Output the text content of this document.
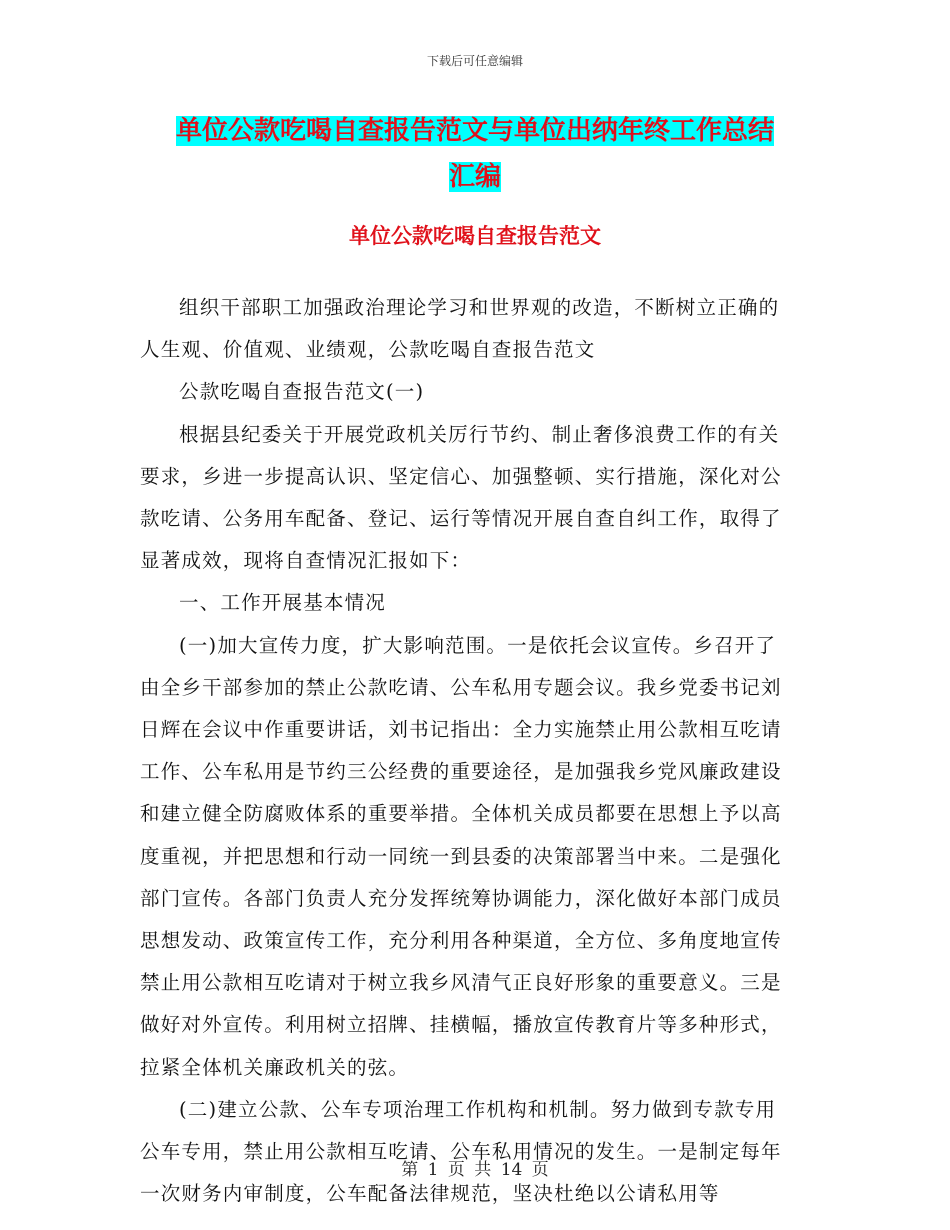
下载后可任意编辑
单位公款吃喝自查报告范文与单位出纳年终工作总结
汇编
单位公款吃喝自查报告范文

组织干部职工加强政治理论学习和世界观的改造，不断树立正确的人生观、价值观、业绩观，公款吃喝自查报告范文

公款吃喝自查报告范文(一)

根据县纪委关于开展党政机关厉行节约、制止奢侈浪费工作的有关要求，乡进一步提高认识、坚定信心、加强整顿、实行措施，深化对公款吃请、公务用车配备、登记、运行等情况开展自查自纠工作，取得了显著成效，现将自查情况汇报如下：

一、工作开展基本情况

(一)加大宣传力度，扩大影响范围。一是依托会议宣传。乡召开了由全乡干部参加的禁止公款吃请、公车私用专题会议。我乡党委书记刘日辉在会议中作重要讲话，刘书记指出：全力实施禁止用公款相互吃请工作、公车私用是节约三公经费的重要途径，是加强我乡党风廉政建设和建立健全防腐败体系的重要举措。全体机关成员都要在思想上予以高度重视，并把思想和行动一同统一到县委的决策部署当中来。二是强化部门宣传。各部门负责人充分发挥统筹协调能力，深化做好本部门成员思想发动、政策宣传工作，充分利用各种渠道，全方位、多角度地宣传禁止用公款相互吃请对于树立我乡风清气正良好形象的重要意义。三是做好对外宣传。利用树立招牌、挂横幅，播放宣传教育片等多种形式，拉紧全体机关廉政机关的弦。

(二)建立公款、公车专项治理工作机构和机制。努力做到专款专用公车专用，禁止用公款相互吃请、公车私用情况的发生。一是制定每年一次财务内审制度，公车配备法律规范，坚决杜绝以公请私用等

第 1 页 共 14 页
